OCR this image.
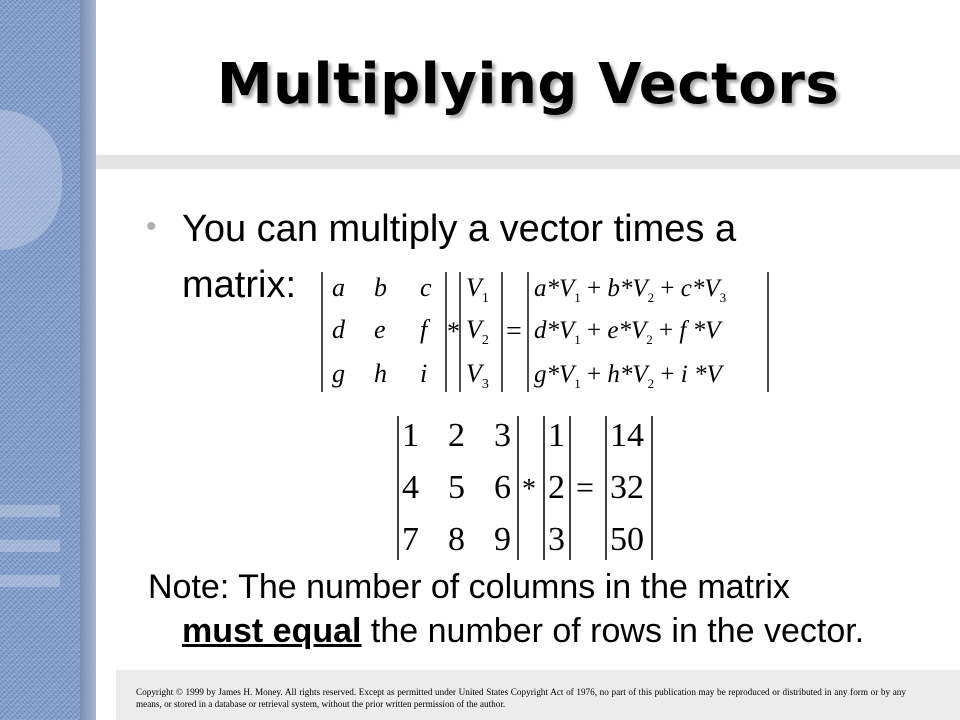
Multiplying Vectors
• You can multiply a vector times a
matrix: a b c
d e f
g h i
*
$V_1$
$V_2$
$V_3$
=
$a*V_1 + b*V_2 + c*V_3$
$d*V_1 + e*V_2 + f$ *V
$g*V_1 + h*V_2 + i$ *V
1 2 3
4 5 6
7 8 9
*
1
2
3
=
14
32
50
Note: The number of columns in the matrix
must equal the number of rows in the vector.
Copyright © 1999 by James H. Money. All rights reserved. Except as permitted under United States Copyright Act of 1976, no part of this publication may be reproduced or distributed in any form or by any means, or stored in a database or retrieval system, without the prior written permission of the author.
